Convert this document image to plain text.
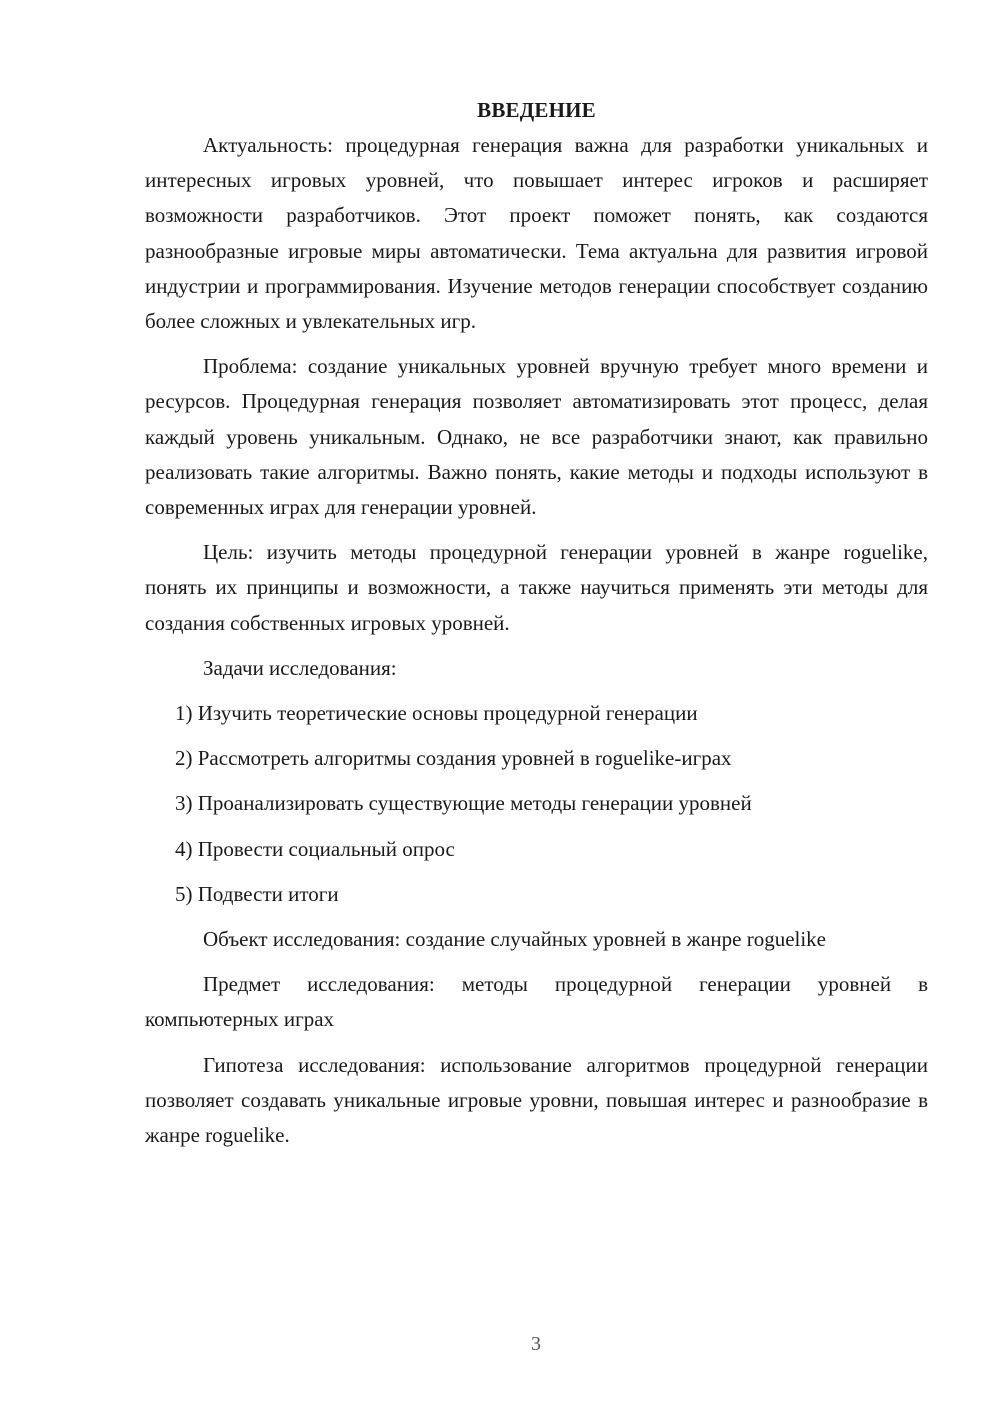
ВВЕДЕНИЕ

Актуальность: процедурная генерация важна для разработки уникальных и интересных игровых уровней, что повышает интерес игроков и расширяет возможности разработчиков. Этот проект поможет понять, как создаются разнообразные игровые миры автоматически. Тема актуальна для развития игровой индустрии и программирования. Изучение методов генерации способствует созданию более сложных и увлекательных игр.

Проблема: создание уникальных уровней вручную требует много времени и ресурсов. Процедурная генерация позволяет автоматизировать этот процесс, делая каждый уровень уникальным. Однако, не все разработчики знают, как правильно реализовать такие алгоритмы. Важно понять, какие методы и подходы используют в современных играх для генерации уровней.

Цель: изучить методы процедурной генерации уровней в жанре roguelike, понять их принципы и возможности, а также научиться применять эти методы для создания собственных игровых уровней.

Задачи исследования:

1) Изучить теоретические основы процедурной генерации
2) Рассмотреть алгоритмы создания уровней в roguelike-играх
3) Проанализировать существующие методы генерации уровней
4) Провести социальный опрос
5) Подвести итоги

Объект исследования: создание случайных уровней в жанре roguelike

Предмет исследования: методы процедурной генерации уровней в компьютерных играх

Гипотеза исследования: использование алгоритмов процедурной генерации позволяет создавать уникальные игровые уровни, повышая интерес и разнообразие в жанре roguelike.

3
